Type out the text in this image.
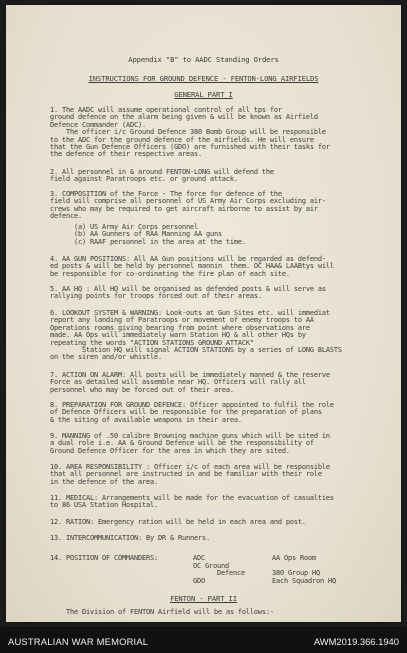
Appendix "B" to AADC Standing Orders
INSTRUCTIONS FOR GROUND DEFENCE - FENTON-LONG AIRFIELDS
GENERAL PART I
1. The AADC will assume operational control of all tps for
ground defence on the alarm being given & will be known as Airfield
Defence Commander (ADC).
The officer i/c Ground Defence 380 Bomb Group will be responsible
to the ADC for the ground defence of the airfields. He will ensure
that the Gun Defence Officers (GDO) are furnished with their tasks for
the defence of their respective areas.
2. All personnel in & around FENTON-LONG will defend the
field against Paratroops etc. or ground attack.
3. COMPOSITION of the Force - The force for defence of the
field will comprise all personnel of US Army Air Corps excluding air-
crews who may be required to get aircraft airborne to assist by air
defence.
(a) US Army Air Corps personnel
(b) AA Gunners of RAA Manning AA guns
(c) RAAF personnel in the area at the time.
4. AA GUN POSITIONS: All AA Gun positions will be regarded as defend-
ed posts & will be held by personnel mannin  them. OC HAA& LAABtys will
be responsible for co-ordinating the fire plan of each site.
5. AA HQ : All HQ will be organised as defended posts & will serve as
rallying points for troops forced out of their areas.
6. LOOKOUT SYSTEM & WARNING: Look-outs at Gun Sites etc. will immediat
report any landing of Paratroops or movement of enemy troops to AA
Operations rooms giving bearing from point where observations are
made. AA Ops will immediately warn Station HQ & all other HQs by
repeating the words "ACTION STATIONS GROUND ATTACK"
Station HQ will signal ACTION STATIONS by a series of LONG BLASTS
on the siren and/or whistle.
7. ACTION ON ALARM: All posts will be immediately manned & the reserve
Force as detailed will assemble near HQ. Officers will rally all
personnel who may be forced out of their area.
8. PREPARATION FOR GROUND DEFENCE: Officer appointed to fulfil the role
of Defence Officers will be responsible for the preparation of plans
& the siting of available weapons in their area.
9. MANNING of .50 calibre Browning machine guns which will be sited in
a dual role i.e. AA & Ground Defence will be the responsibility of
Ground Defence Officer for the area in which they are sited.
10. AREA RESPONSIBILITY : Officer i/c of each area will be responsible
that all personnel are instructed in and be familiar with their role
in the defence of the area.
11. MEDICAL: Arrangements will be made for the evacuation of casualties
to 86 USA Station Hospital.
12. RATION: Emergency ration will be held in each area and post.
13. INTERCOMMUNICATION: By DR & Runners.
14. POSITION OF COMMANDERS:	ADC
OC Ground
Defence
GDO
AA Ops Room

380 Group HQ
Each Squadron HQ
FENTON - PART II
The Division of FENTON Airfield will be as follows:-
AUSTRALIAN WAR MEMORIAL	AWM2019.366.1940
